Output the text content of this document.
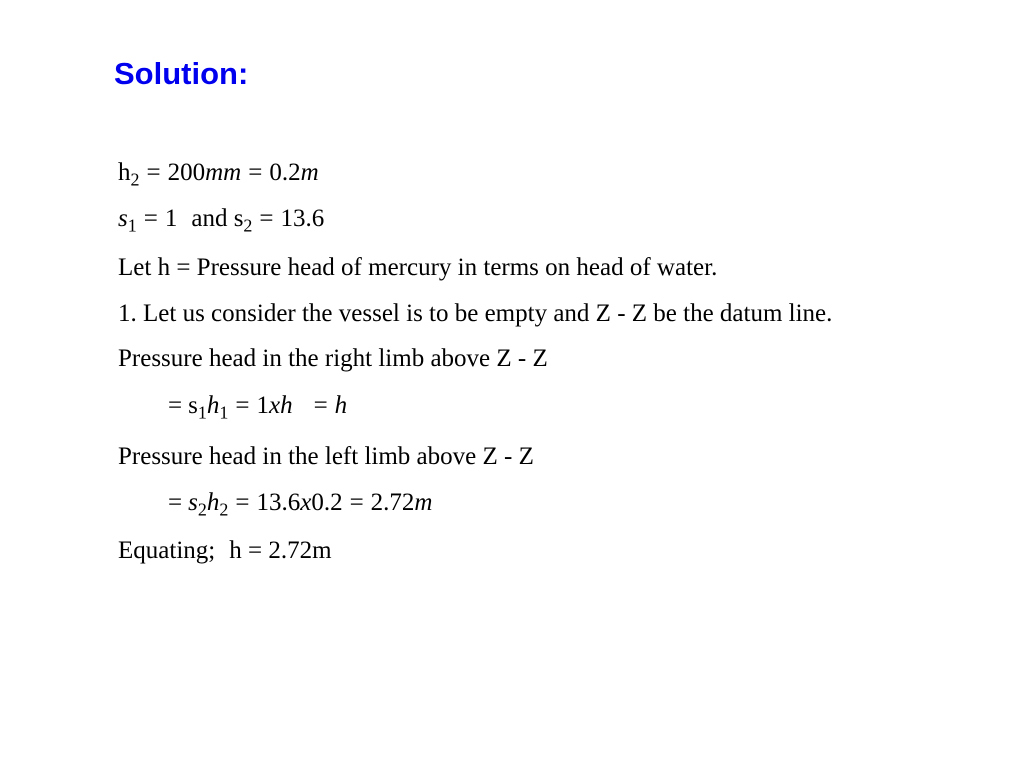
Solution:
$h_2 = 200mm = 0.2m$
$s_1 = 1$ and $s_2 = 13.6$
Let h = Pressure head of mercury in terms on head of water.
1. Let us consider the vessel is to be empty and Z - Z be the datum line.
Pressure head in the right limb above Z - Z
= $s_1h_1 = 1xh = h$
Pressure head in the left limb above Z - Z
= $s_2h_2 = 13.6x0.2 = 2.72m$
Equating; h = 2.72m
